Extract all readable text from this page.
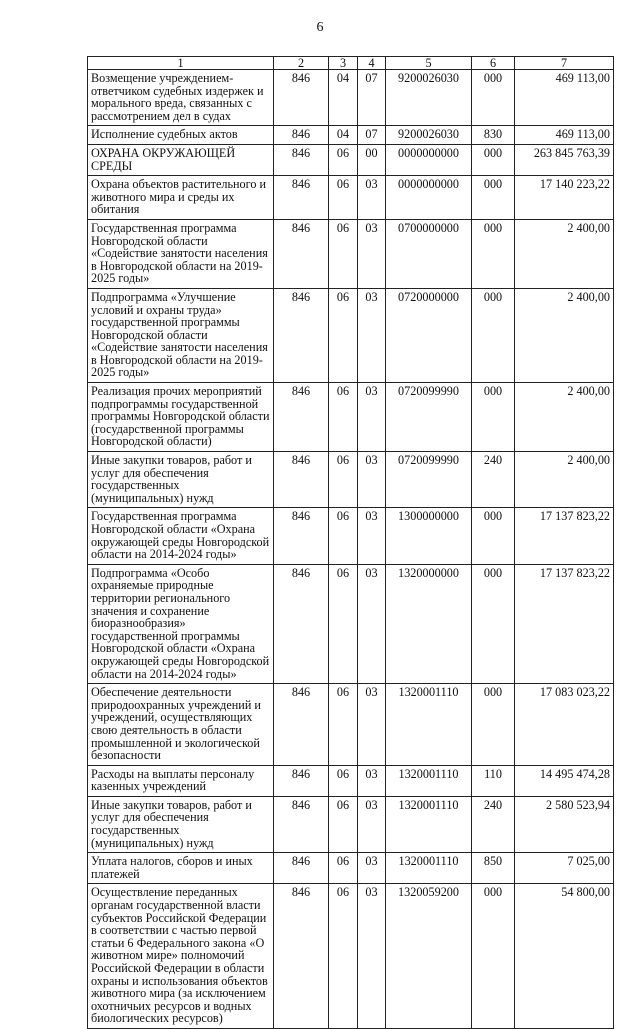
6
1	2	3	4	5	6	7
Возмещение учреждением-ответчиком судебных издержек и морального вреда, связанных с рассмотрением дел в судах	846	04	07	9200026030	000	469 113,00
Исполнение судебных актов	846	04	07	9200026030	830	469 113,00
ОХРАНА ОКРУЖАЮЩЕЙ СРЕДЫ	846	06	00	0000000000	000	263 845 763,39
Охрана объектов растительного и животного мира и среды их обитания	846	06	03	0000000000	000	17 140 223,22
Государственная программа Новгородской области «Содействие занятости населения в Новгородской области на 2019-2025 годы»	846	06	03	0700000000	000	2 400,00
Подпрограмма «Улучшение условий и охраны труда» государственной программы Новгородской области «Содействие занятости населения в Новгородской области на 2019-2025 годы»	846	06	03	0720000000	000	2 400,00
Реализация прочих мероприятий подпрограммы государственной программы Новгородской области (государственной программы Новгородской области)	846	06	03	0720099990	000	2 400,00
Иные закупки товаров, работ и услуг для обеспечения государственных (муниципальных) нужд	846	06	03	0720099990	240	2 400,00
Государственная программа Новгородской области «Охрана окружающей среды Новгородской области на 2014-2024 годы»	846	06	03	1300000000	000	17 137 823,22
Подпрограмма «Особо охраняемые природные территории регионального значения и сохранение биоразнообразия» государственной программы Новгородской области «Охрана окружающей среды Новгородской области на 2014-2024 годы»	846	06	03	1320000000	000	17 137 823,22
Обеспечение деятельности природоохранных учреждений и учреждений, осуществляющих свою деятельность в области промышленной и экологической безопасности	846	06	03	1320001110	000	17 083 023,22
Расходы на выплаты персоналу казенных учреждений	846	06	03	1320001110	110	14 495 474,28
Иные закупки товаров, работ и услуг для обеспечения государственных (муниципальных) нужд	846	06	03	1320001110	240	2 580 523,94
Уплата налогов, сборов и иных платежей	846	06	03	1320001110	850	7 025,00
Осуществление переданных органам государственной власти субъектов Российской Федерации в соответствии с частью первой статьи 6 Федерального закона «О животном мире» полномочий Российской Федерации в области охраны и использования объектов животного мира (за исключением охотничьих ресурсов и водных биологических ресурсов)	846	06	03	1320059200	000	54 800,00
